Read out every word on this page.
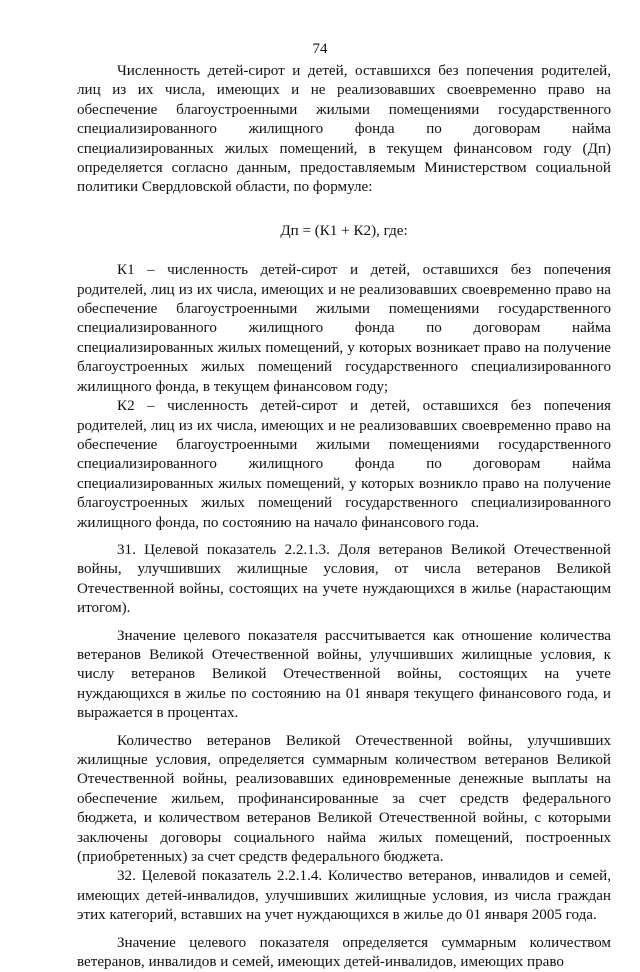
74

Численность детей-сирот и детей, оставшихся без попечения родителей, лиц из их числа, имеющих и не реализовавших своевременно право на обеспечение благоустроенными жилыми помещениями государственного специализированного жилищного фонда по договорам найма специализированных жилых помещений, в текущем финансовом году (Дп) определяется согласно данным, предоставляемым Министерством социальной политики Свердловской области, по формуле:

Дп = (К1 + К2), где:

К1 – численность детей-сирот и детей, оставшихся без попечения родителей, лиц из их числа, имеющих и не реализовавших своевременно право на обеспечение благоустроенными жилыми помещениями государственного специализированного жилищного фонда по договорам найма специализированных жилых помещений, у которых возникает право на получение благоустроенных жилых помещений государственного специализированного жилищного фонда, в текущем финансовом году;

К2 – численность детей-сирот и детей, оставшихся без попечения родителей, лиц из их числа, имеющих и не реализовавших своевременно право на обеспечение благоустроенными жилыми помещениями государственного специализированного жилищного фонда по договорам найма специализированных жилых помещений, у которых возникло право на получение благоустроенных жилых помещений государственного специализированного жилищного фонда, по состоянию на начало финансового года.

31. Целевой показатель 2.2.1.3. Доля ветеранов Великой Отечественной войны, улучшивших жилищные условия, от числа ветеранов Великой Отечественной войны, состоящих на учете нуждающихся в жилье (нарастающим итогом).

Значение целевого показателя рассчитывается как отношение количества ветеранов Великой Отечественной войны, улучшивших жилищные условия, к числу ветеранов Великой Отечественной войны, состоящих на учете нуждающихся в жилье по состоянию на 01 января текущего финансового года, и выражается в процентах.

Количество ветеранов Великой Отечественной войны, улучшивших жилищные условия, определяется суммарным количеством ветеранов Великой Отечественной войны, реализовавших единовременные денежные выплаты на обеспечение жильем, профинансированные за счет средств федерального бюджета, и количеством ветеранов Великой Отечественной войны, с которыми заключены договоры социального найма жилых помещений, построенных (приобретенных) за счет средств федерального бюджета.

32. Целевой показатель 2.2.1.4. Количество ветеранов, инвалидов и семей, имеющих детей-инвалидов, улучшивших жилищные условия, из числа граждан этих категорий, вставших на учет нуждающихся в жилье до 01 января 2005 года.

Значение целевого показателя определяется суммарным количеством ветеранов, инвалидов и семей, имеющих детей-инвалидов, имеющих право
